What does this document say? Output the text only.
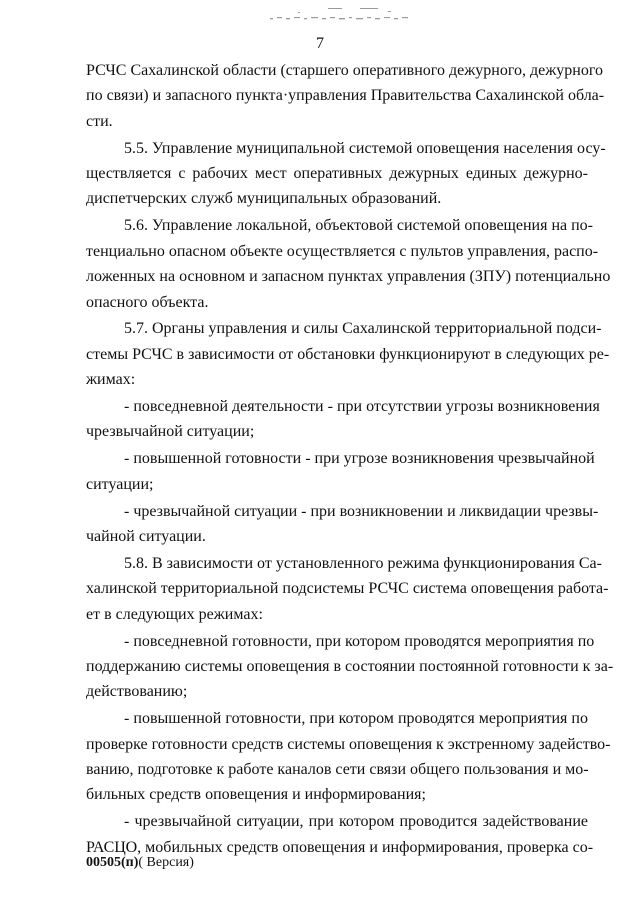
7

РСЧС Сахалинской области (старшего оперативного дежурного, дежурного
по связи) и запасного пункта·управления Правительства Сахалинской обла-
сти.

5.5. Управление муниципальной системой оповещения населения осу-
ществляется с рабочих мест оперативных дежурных единых дежурно-
диспетчерских служб муниципальных образований.

5.6. Управление локальной, объектовой системой оповещения на по-
тенциально опасном объекте осуществляется с пультов управления, распо-
ложенных на основном и запасном пунктах управления (ЗПУ) потенциально
опасного объекта.

5.7. Органы управления и силы Сахалинской территориальной подси-
стемы РСЧС в зависимости от обстановки функционируют в следующих ре-
жимах:

- повседневной деятельности - при отсутствии угрозы возникновения
чрезвычайной ситуации;

- повышенной готовности - при угрозе возникновения чрезвычайной
ситуации;

- чрезвычайной ситуации - при возникновении и ликвидации чрезвы-
чайной ситуации.

5.8. В зависимости от установленного режима функционирования Са-
халинской территориальной подсистемы РСЧС система оповещения работа-
ет в следующих режимах:

- повседневной готовности, при котором проводятся мероприятия по
поддержанию системы оповещения в состоянии постоянной готовности к за-
действованию;

- повышенной готовности, при котором проводятся мероприятия по
проверке готовности средств системы оповещения к экстренному задейство-
ванию, подготовке к работе каналов сети связи общего пользования и мо-
бильных средств оповещения и информирования;

- чрезвычайной ситуации, при котором проводится задействование
РАСЦО, мобильных средств оповещения и информирования, проверка со-

00505(п)( Версия)
